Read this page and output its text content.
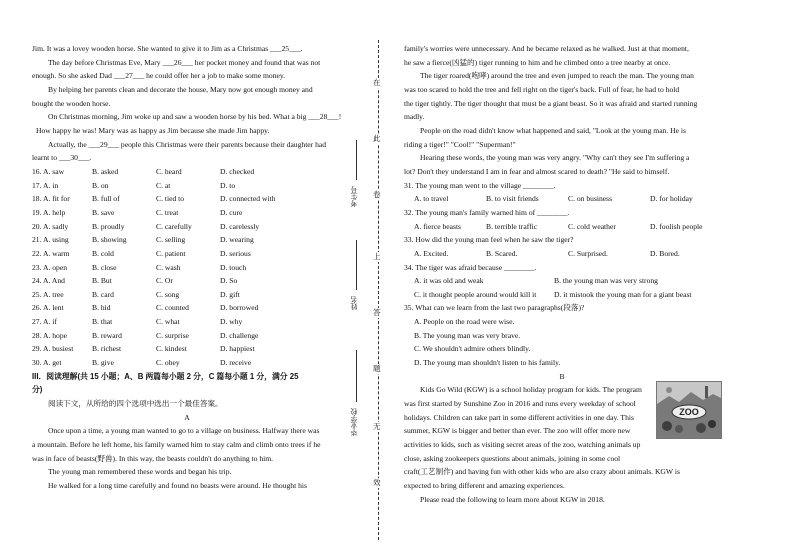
Jim. It was a lovey wooden horse. She wanted to give it to Jim as a Christmas ___25___.
The day before Christmas Eve, Mary ___26___ her pocket money and found that was not
enough. So she asked Dad ___27___ he could offer her a job to make some money.
By helping her parents clean and decorate the house, Mary now got enough money and
bought the wooden horse.
On Christmas morning, Jim woke up and saw a wooden horse by his bed. What a big ___28___!
How happy he was! Mary was as happy as Jim because she made Jim happy.
Actually, the ___29___ people this Christmas were their parents because their daughter had
learnt to ___30___.
16. A. saw	B. asked	C. heard	D. checked
17. A. in	B. on	C. at	D. to
18. A. fit for	B. full of	C. tied to	D. connected with
19. A. help	B. save	C. treat	D. cure
20. A. sadly	B. proudly	C. carefully	D. carelessly
21. A. using	B. showing	C. selling	D. wearing
22. A. warm	B. cold	C. patient	D. serious
23. A. open	B. close	C. wash	D. touch
24. A. And	B. But	C. Or	D. So
25. A. tree	B. card	C. song	D. gift
26. A. lent	B. hid	C. counted	D. borrowed
27. A. if	B. that	C. what	D. why
28. A. hope	B. reward	C. surprise	D. challenge
29. A. busiest	B. richest	C. kindest	D. happiest
30. A. get	B. give	C. obey	D. receive
III．阅读理解(共 15 小题；A、B 两篇每小题 2 分，C 篇每小题 1 分，满分 25
分)
阅读下文，从所给的四个选项中选出一个最佳答案。
A
Once upon a time, a young man wanted to go to a village on business. Halfway there was
a mountain. Before he left home, his family warned him to stay calm and climb onto trees if he
was in face of beasts(野兽). In this way, the beasts couldn't do anything to him.
The young man remembered these words and began his trip.
He walked for a long time carefully and found no beasts were around. He thought his
在
此
卷
上
答
题
无
效
考生号
姓名
毕业学校
family's worries were unnecessary. And he became relaxed as he walked. Just at that moment,
he saw a fierce(凶猛的) tiger running to him and he climbed onto a tree nearby at once.
The tiger roared(咆哮) around the tree and even jumped to reach the man. The young man
was too scared to hold the tree and fell right on the tiger's back. Full of fear, he had to hold
the tiger tightly. The tiger thought that must be a giant beast. So it was afraid and started running
madly.
People on the road didn't know what happened and said, "Look at the young man. He is
riding a tiger!" "Cool!" "Superman!"
Hearing these words, the young man was very angry. "Why can't they see I'm suffering a
lot? Don't they understand I am in fear and almost scared to death? "He said to himself.
31. The young man went to the village ________.
A. to travel	B. to visit friends	C. on business	D. for holiday
32. The young man's family warned him of ________.
A. fierce beasts	B. terrible traffic	C. cold weather	D. foolish people
33. How did the young man feel when he saw the tiger?
A. Excited.	B. Scared.	C. Surprised.	D. Bored.
34. The tiger was afraid because ________.
A. it was old and weak	B. the young man was very strong
C. it thought people around would kill it	D. it mistook the young man for a giant beast
35. What can we learn from the last two paragraphs(段落)?
A. People on the road were wise.
B. The young man was very brave.
C. We shouldn't admire others blindly.
D. The young man shouldn't listen to his family.
B
Kids Go Wild (KGW) is a school holiday program for kids. The program
was first started by Sunshine Zoo in 2016 and runs every weekday of school
holidays. Children can take part in some different activities in one day. This
summer, KGW is bigger and better than ever. The zoo will offer more new
activities to kids, such as visiting secret areas of the zoo, watching animals up
close, asking zookeepers questions about animals, joining in some cool
craft(工艺制作) and having fun with other kids who are also crazy about animals. KGW is
expected to bring different and amazing experiences.
Please read the following to learn more about KGW in 2018.
ZOO
